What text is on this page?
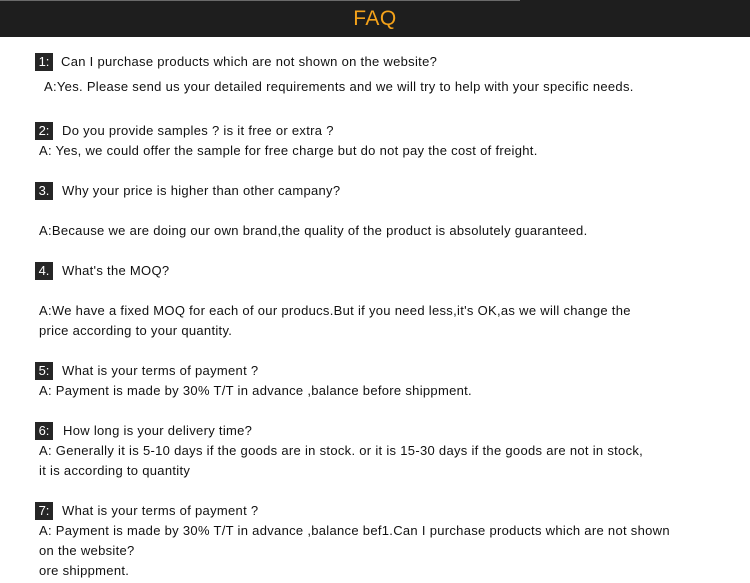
FAQ
1: Can I purchase products which are not shown on the website?
A:Yes. Please send us your detailed requirements and we will try to help with your specific needs.
2: Do you provide samples ? is it free or extra ?
A: Yes, we could offer the sample for free charge but do not pay the cost of freight.
3. Why your price is higher than other campany?
A:Because we are doing our own brand,the quality of the product is absolutely guaranteed.
4. What's the MOQ?
A:We have a fixed MOQ for each of our producs.But if you need less,it's OK,as we will change the
price according to your quantity.
5: What is your terms of payment ?
A: Payment is made by 30% T/T in advance ,balance before shippment.
6: How long is your delivery time?
A: Generally it is 5-10 days if the goods are in stock. or it is 15-30 days if the goods are not in stock,
it is according to quantity
7: What is your terms of payment ?
A: Payment is made by 30% T/T in advance ,balance bef1.Can I purchase products which are not shown
on the website?
ore shippment.
